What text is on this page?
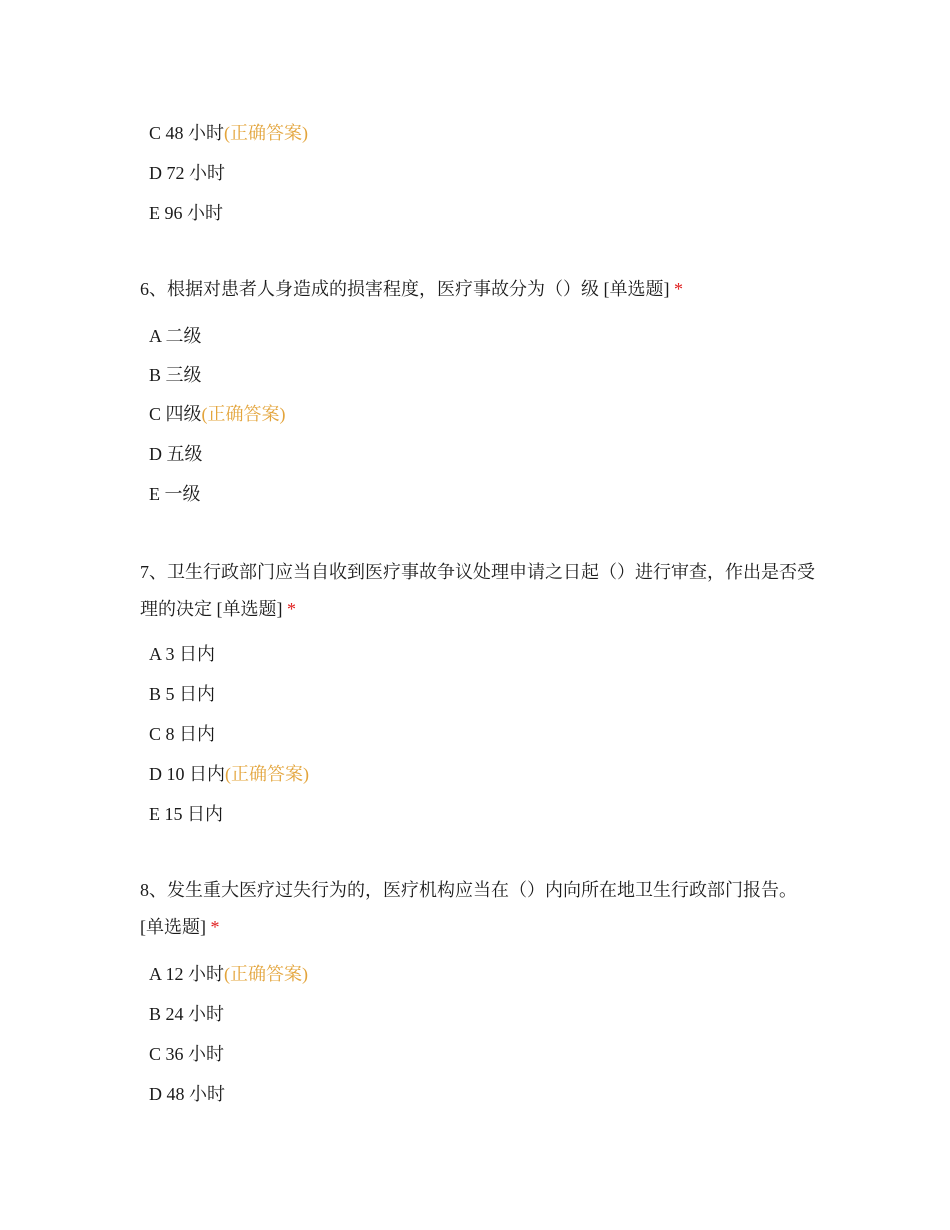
C 48 小时(正确答案)
D 72 小时
E 96 小时
6、根据对患者人身造成的损害程度，医疗事故分为（）级 [单选题] *
A 二级
B 三级
C 四级(正确答案)
D 五级
E 一级
7、卫生行政部门应当自收到医疗事故争议处理申请之日起（）进行审查，作出是否受理的决定 [单选题] *
A 3 日内
B 5 日内
C 8 日内
D 10 日内(正确答案)
E 15 日内
8、发生重大医疗过失行为的，医疗机构应当在（）内向所在地卫生行政部门报告。 [单选题] *
A 12 小时(正确答案)
B 24 小时
C 36 小时
D 48 小时
